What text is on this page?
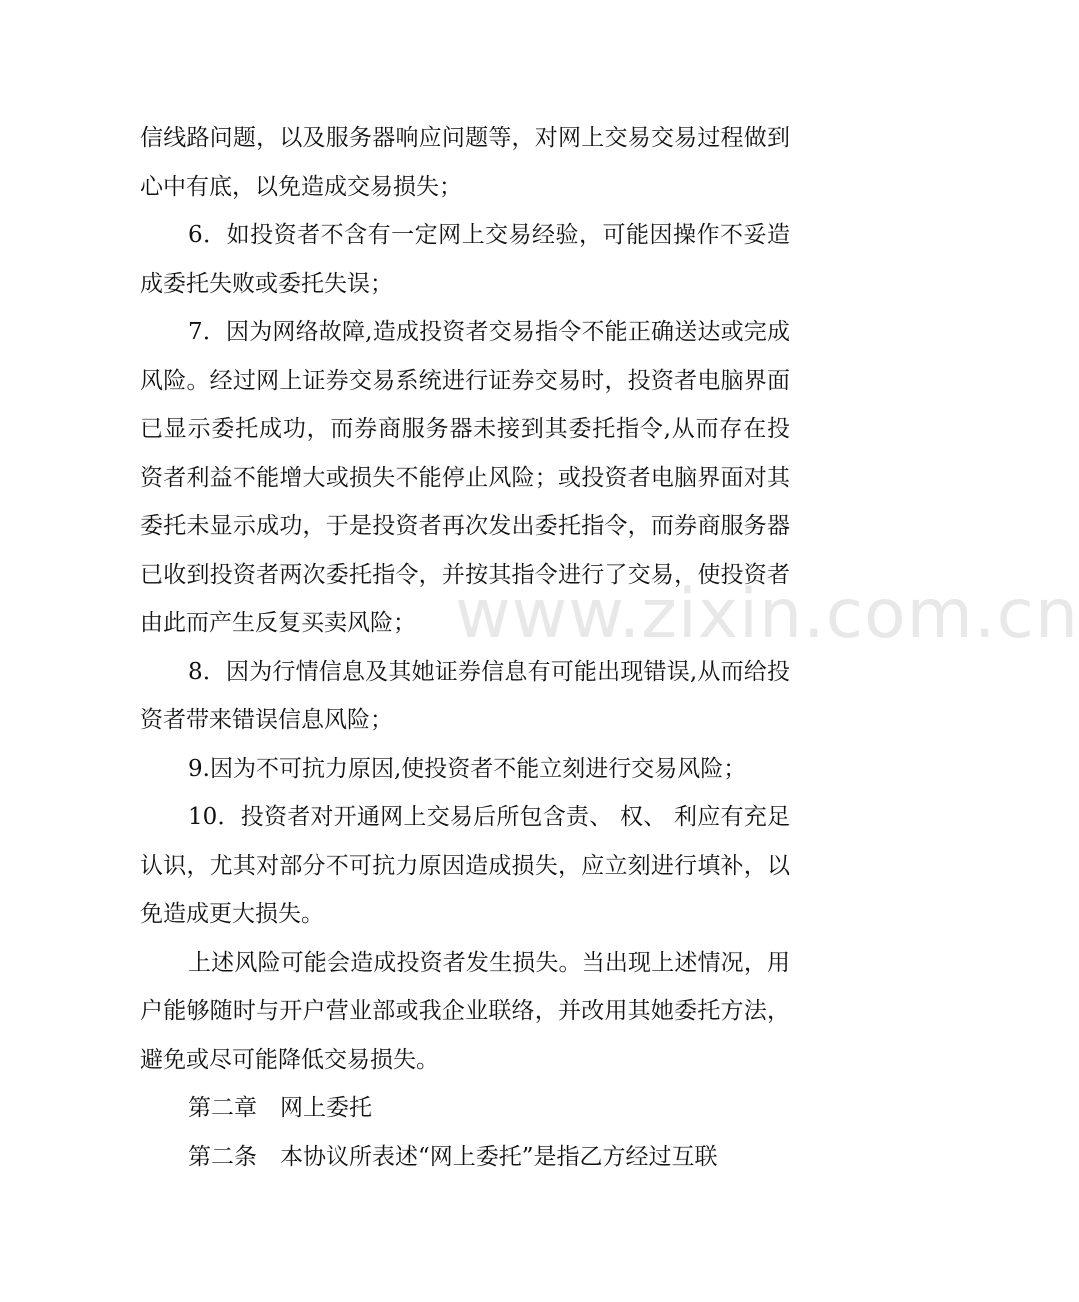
信线路问题，以及服务器响应问题等，对网上交易交易过程做到心中有底，以免造成交易损失；

6．如投资者不含有一定网上交易经验，可能因操作不妥造成委托失败或委托失误；

7．因为网络故障,造成投资者交易指令不能正确送达或完成风险。经过网上证券交易系统进行证券交易时，投资者电脑界面已显示委托成功，而券商服务器未接到其委托指令,从而存在投资者利益不能增大或损失不能停止风险；或投资者电脑界面对其委托未显示成功，于是投资者再次发出委托指令，而券商服务器已收到投资者两次委托指令，并按其指令进行了交易，使投资者由此而产生反复买卖风险；

8．因为行情信息及其她证券信息有可能出现错误,从而给投资者带来错误信息风险；

9.因为不可抗力原因,使投资者不能立刻进行交易风险；

10．投资者对开通网上交易后所包含责、 权、 利应有充足认识，尤其对部分不可抗力原因造成损失，应立刻进行填补，以免造成更大损失。

上述风险可能会造成投资者发生损失。当出现上述情况，用户能够随时与开户营业部或我企业联络，并改用其她委托方法，避免或尽可能降低交易损失。

第二章　网上委托

第二条　本协议所表述“网上委托”是指乙方经过互联

www.zixin.com.cn
